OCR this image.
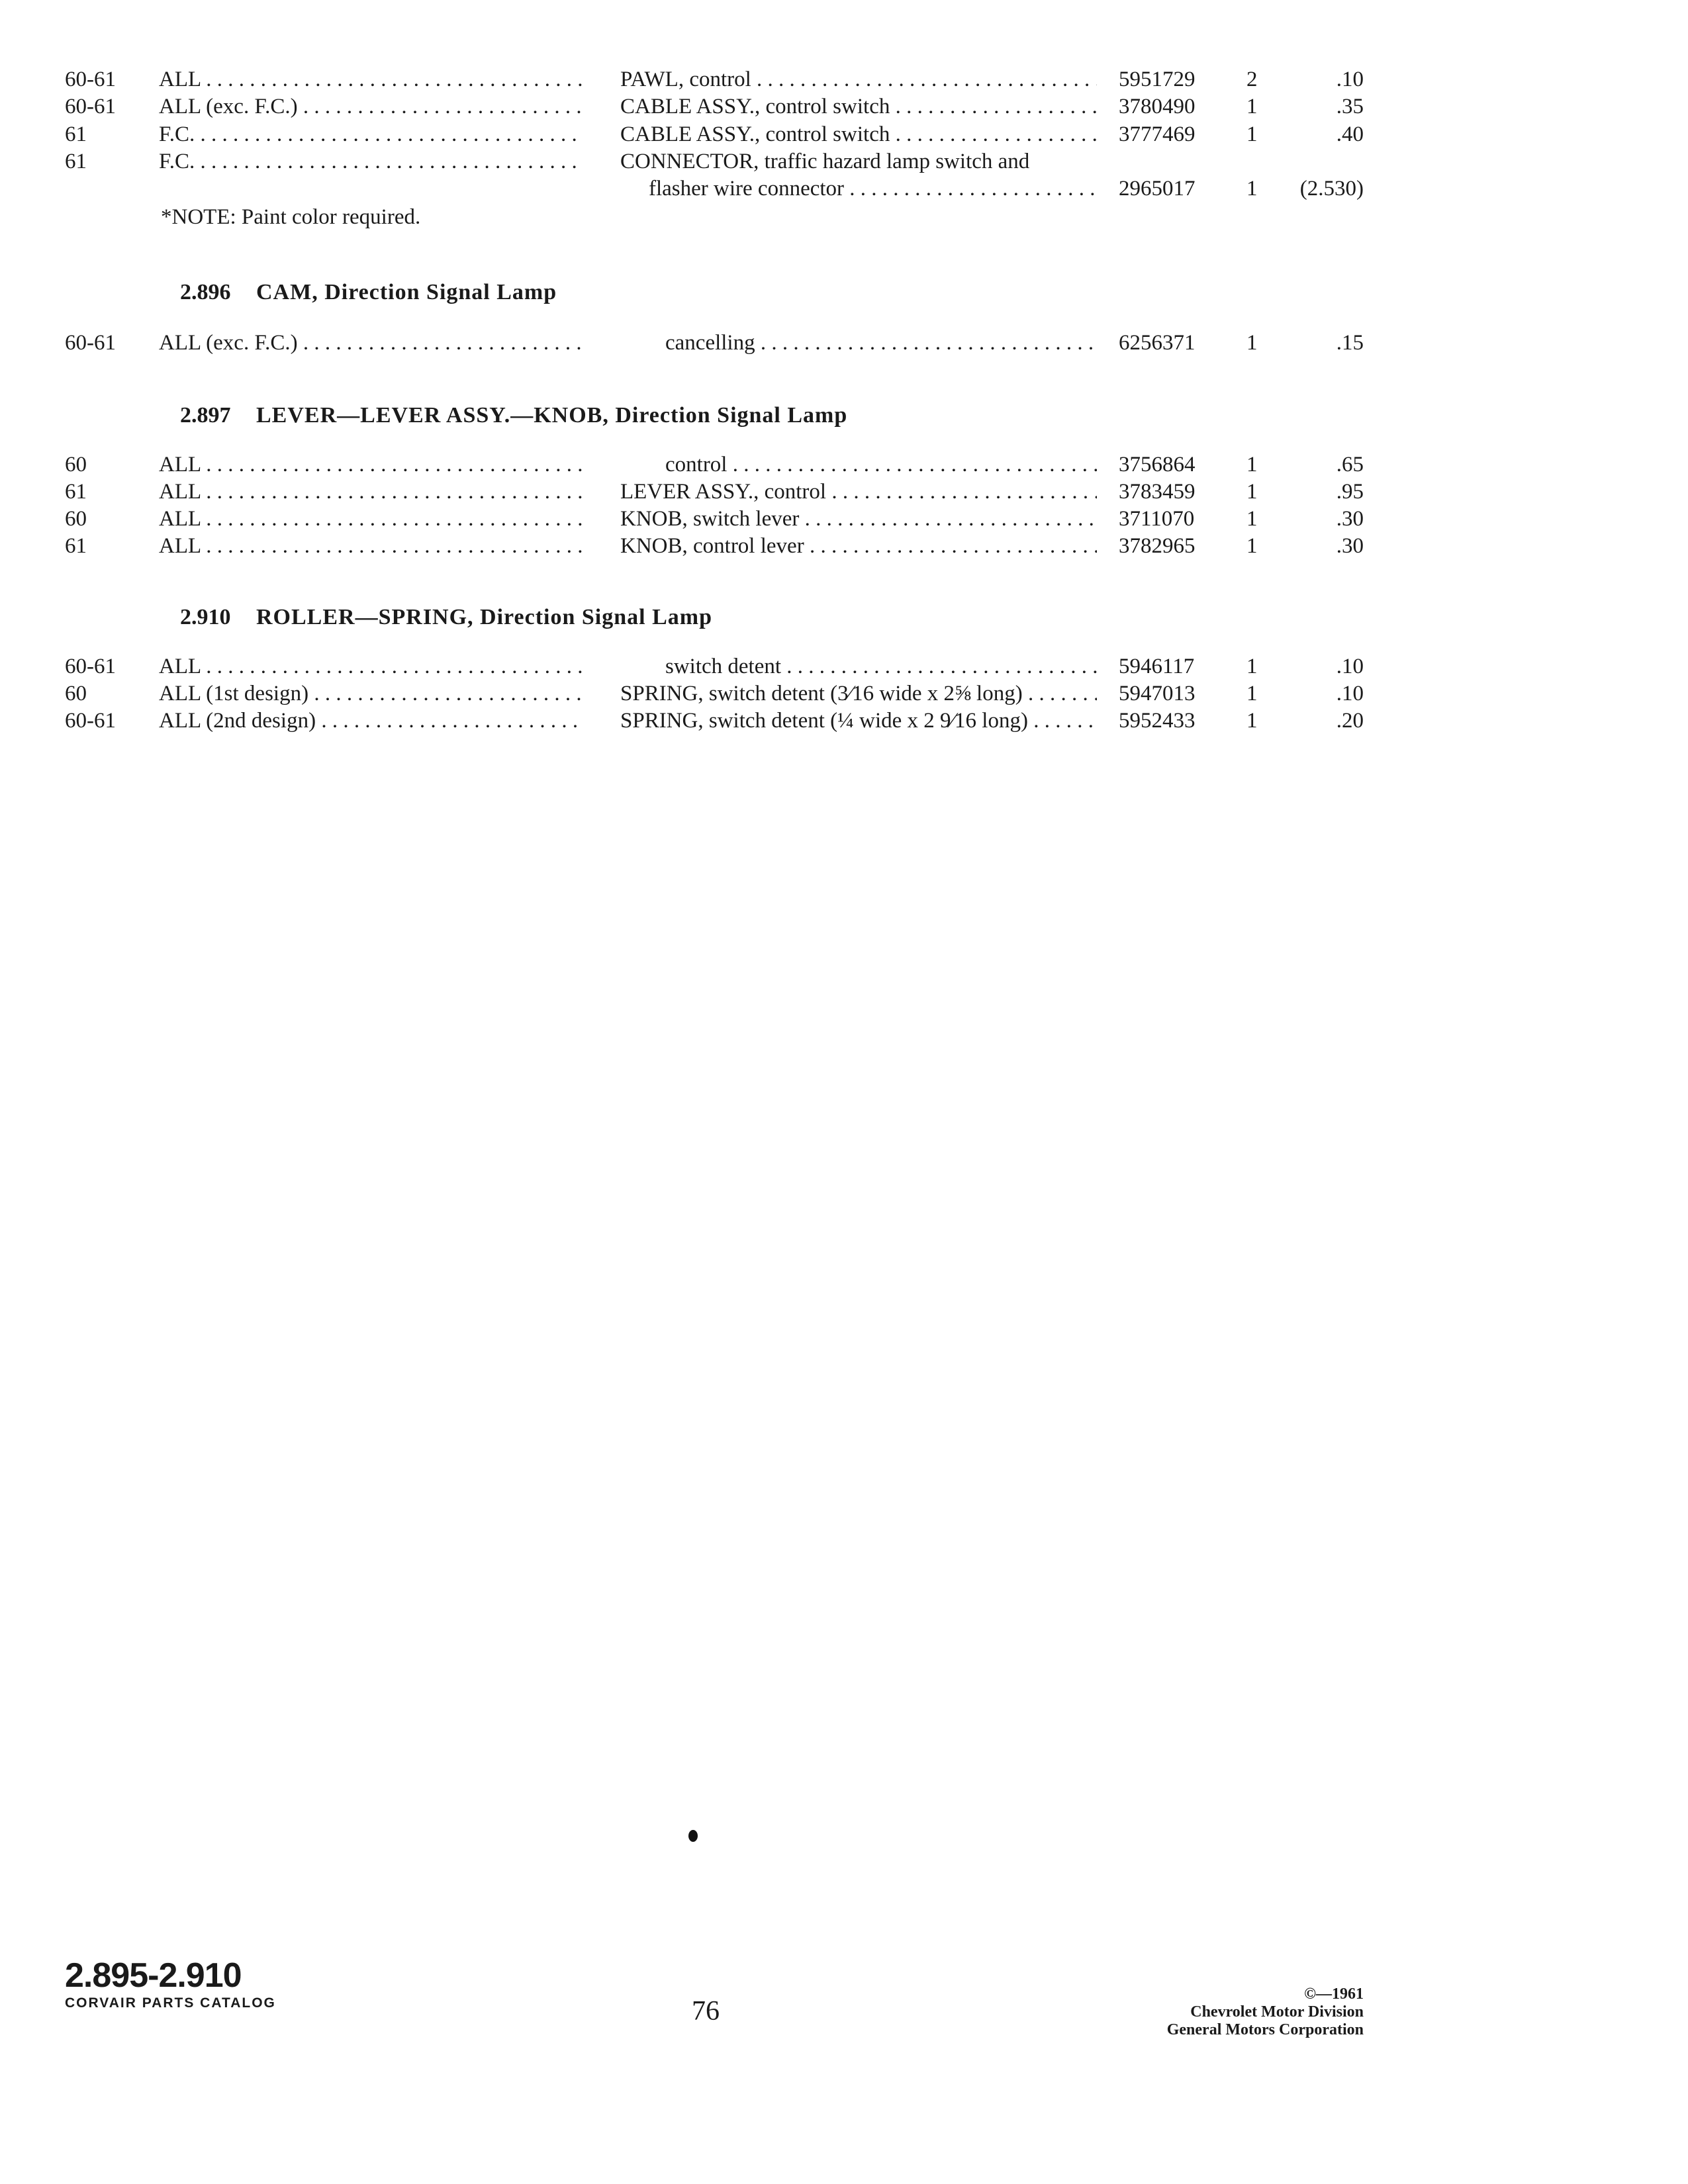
60-61 ALL . . .	PAWL, control . . .	5951729 2	.10
60-61 ALL (exc. F.C.) . . .	CABLE ASSY., control switch . . .	3780490 1	.35
61	F.C. . . .	CABLE ASSY., control switch . . .	3777469 1	.40
61	F.C. . . .	CONNECTOR, traffic hazard lamp switch and
flasher wire connector . . .	2965017 1 (2.530)
*NOTE: Paint color required.
2.896 CAM, Direction Signal Lamp
60-61 ALL (exc. F.C.) . . .	cancelling . . .	6256371 1	.15
2.897 LEVER—LEVER ASSY.—KNOB, Direction Signal Lamp
60	ALL . . .	control . . .	3756864 1	.65
61	ALL . . .	LEVER ASSY., control . . .	3783459 1	.95
60	ALL . . .	KNOB, switch lever . . .	3711070 1	.30
61	ALL . . .	KNOB, control lever . . .	3782965 1	.30
2.910 ROLLER—SPRING, Direction Signal Lamp
60-61 ALL . . .	switch detent . . .	5946117 1	.10
60	ALL (1st design) . . .	SPRING, switch detent (3⁄16 wide x 2⅝ long) . . .	5947013 1	.10
60-61 ALL (2nd design) . . .	SPRING, switch detent (¼ wide x 2 9⁄16 long) . . .	5952433 1	.20
2.895-2.910
CORVAIR PARTS CATALOG	76
©—1961
Chevrolet Motor Division
General Motors Corporation
